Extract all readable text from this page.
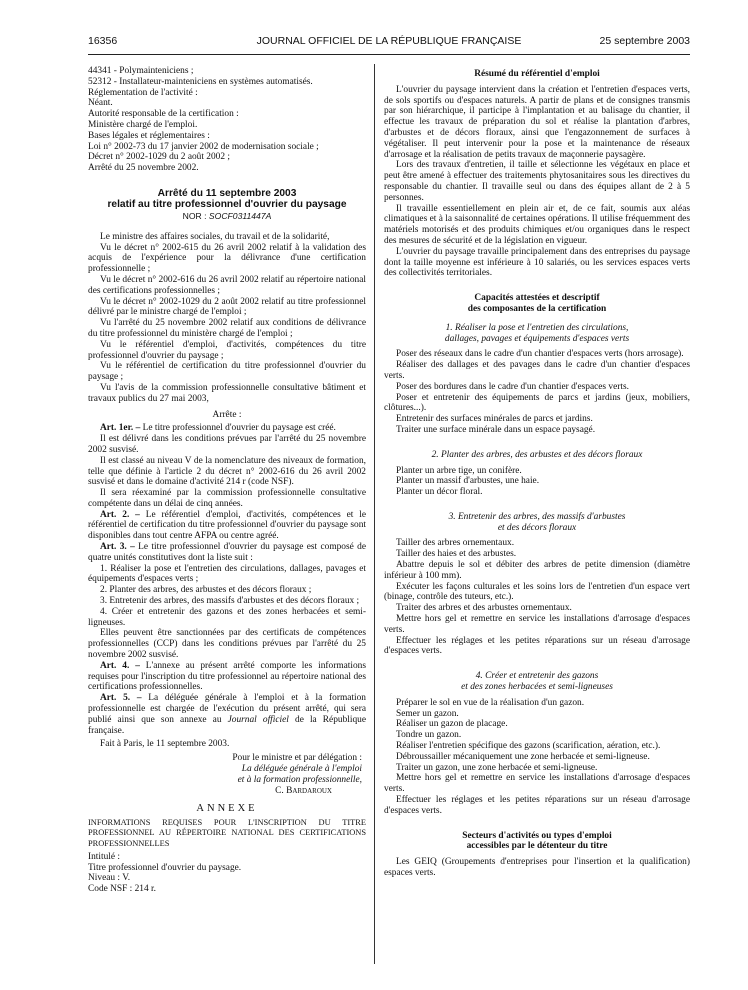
16356	JOURNAL OFFICIEL DE LA RÉPUBLIQUE FRANÇAISE	25 septembre 2003

44341 - Polymainteniciens ;

52312 - Installateur-mainteniciens en systèmes automatisés.

Réglementation de l'activité :

Néant.

Autorité responsable de la certification :

Ministère chargé de l'emploi.

Bases légales et réglementaires :

Loi n° 2002-73 du 17 janvier 2002 de modernisation sociale ;

Décret n° 2002-1029 du 2 août 2002 ;

Arrêté du 25 novembre 2002.

Arrêté du 11 septembre 2003
relatif au titre professionnel d'ouvrier du paysage
NOR : SOCF0311447A

Le ministre des affaires sociales, du travail et de la solidarité,

Vu le décret n° 2002-615 du 26 avril 2002 relatif à la validation des acquis de l'expérience pour la délivrance d'une certification professionnelle ;

Vu le décret n° 2002-616 du 26 avril 2002 relatif au répertoire national des certifications professionnelles ;

Vu le décret n° 2002-1029 du 2 août 2002 relatif au titre professionnel délivré par le ministre chargé de l'emploi ;

Vu l'arrêté du 25 novembre 2002 relatif aux conditions de délivrance du titre professionnel du ministère chargé de l'emploi ;

Vu le référentiel d'emploi, d'activités, compétences du titre professionnel d'ouvrier du paysage ;

Vu le référentiel de certification du titre professionnel d'ouvrier du paysage ;

Vu l'avis de la commission professionnelle consultative bâtiment et travaux publics du 27 mai 2003,

Arrête :

Art. 1er. – Le titre professionnel d'ouvrier du paysage est créé.

Il est délivré dans les conditions prévues par l'arrêté du 25 novembre 2002 susvisé.

Il est classé au niveau V de la nomenclature des niveaux de formation, telle que définie à l'article 2 du décret n° 2002-616 du 26 avril 2002 susvisé et dans le domaine d'activité 214 r (code NSF).

Il sera réexaminé par la commission professionnelle consultative compétente dans un délai de cinq années.

Art. 2. – Le référentiel d'emploi, d'activités, compétences et le référentiel de certification du titre professionnel d'ouvrier du paysage sont disponibles dans tout centre AFPA ou centre agréé.

Art. 3. – Le titre professionnel d'ouvrier du paysage est composé de quatre unités constitutives dont la liste suit :

1. Réaliser la pose et l'entretien des circulations, dallages, pavages et équipements d'espaces verts ;

2. Planter des arbres, des arbustes et des décors floraux ;

3. Entretenir des arbres, des massifs d'arbustes et des décors floraux ;

4. Créer et entretenir des gazons et des zones herbacées et semi-ligneuses.

Elles peuvent être sanctionnées par des certificats de compétences professionnelles (CCP) dans les conditions prévues par l'arrêté du 25 novembre 2002 susvisé.

Art. 4. – L'annexe au présent arrêté comporte les informations requises pour l'inscription du titre professionnel au répertoire national des certifications professionnelles.

Art. 5. – La déléguée générale à l'emploi et à la formation professionnelle est chargée de l'exécution du présent arrêté, qui sera publié ainsi que son annexe au Journal officiel de la République française.

Fait à Paris, le 11 septembre 2003.

Pour le ministre et par délégation :
La déléguée générale à l'emploi
et à la formation professionnelle,
C. Bardaroux
ANNEXE

INFORMATIONS REQUISES POUR L'INSCRIPTION DU TITRE PROFESSIONNEL AU RÉPERTOIRE NATIONAL DES CERTIFICATIONS PROFESSIONNELLES

Intitulé :

Titre professionnel d'ouvrier du paysage.

Niveau : V.

Code NSF : 214 r.

Résumé du référentiel d'emploi

L'ouvrier du paysage intervient dans la création et l'entretien d'espaces verts, de sols sportifs ou d'espaces naturels. A partir de plans et de consignes transmis par son hiérarchique, il participe à l'implantation et au balisage du chantier, il effectue les travaux de préparation du sol et réalise la plantation d'arbres, d'arbustes et de décors floraux, ainsi que l'engazonnement de surfaces à végétaliser. Il peut intervenir pour la pose et la maintenance de réseaux d'arrosage et la réalisation de petits travaux de maçonnerie paysagère.

Lors des travaux d'entretien, il taille et sélectionne les végétaux en place et peut être amené à effectuer des traitements phytosanitaires sous les directives du responsable du chantier. Il travaille seul ou dans des équipes allant de 2 à 5 personnes.

Il travaille essentiellement en plein air et, de ce fait, soumis aux aléas climatiques et à la saisonnalité de certaines opérations. Il utilise fréquemment des matériels motorisés et des produits chimiques et/ou organiques dans le respect des mesures de sécurité et de la législation en vigueur.

L'ouvrier du paysage travaille principalement dans des entreprises du paysage dont la taille moyenne est inférieure à 10 salariés, ou les services espaces verts des collectivités territoriales.

Capacités attestées et descriptif
des composantes de la certification
1. Réaliser la pose et l'entretien des circulations,
dallages, pavages et équipements d'espaces verts

Poser des réseaux dans le cadre d'un chantier d'espaces verts (hors arrosage).

Réaliser des dallages et des pavages dans le cadre d'un chantier d'espaces verts.

Poser des bordures dans le cadre d'un chantier d'espaces verts.

Poser et entretenir des équipements de parcs et jardins (jeux, mobiliers, clôtures...).

Entretenir des surfaces minérales de parcs et jardins.

Traiter une surface minérale dans un espace paysagé.

2. Planter des arbres, des arbustes et des décors floraux

Planter un arbre tige, un conifère.

Planter un massif d'arbustes, une haie.

Planter un décor floral.

3. Entretenir des arbres, des massifs d'arbustes
et des décors floraux

Tailler des arbres ornementaux.

Tailler des haies et des arbustes.

Abattre depuis le sol et débiter des arbres de petite dimension (diamètre inférieur à 100 mm).

Exécuter les façons culturales et les soins lors de l'entretien d'un espace vert (binage, contrôle des tuteurs, etc.).

Traiter des arbres et des arbustes ornementaux.

Mettre hors gel et remettre en service les installations d'arrosage d'espaces verts.

Effectuer les réglages et les petites réparations sur un réseau d'arrosage d'espaces verts.

4. Créer et entretenir des gazons
et des zones herbacées et semi-ligneuses

Préparer le sol en vue de la réalisation d'un gazon.

Semer un gazon.

Réaliser un gazon de placage.

Tondre un gazon.

Réaliser l'entretien spécifique des gazons (scarification, aération, etc.).

Débroussailler mécaniquement une zone herbacée et semi-ligneuse.

Traiter un gazon, une zone herbacée et semi-ligneuse.

Mettre hors gel et remettre en service les installations d'arrosage d'espaces verts.

Effectuer les réglages et les petites réparations sur un réseau d'arrosage d'espaces verts.

Secteurs d'activités ou types d'emploi
accessibles par le détenteur du titre

Les GEIQ (Groupements d'entreprises pour l'insertion et la qualification) espaces verts.
